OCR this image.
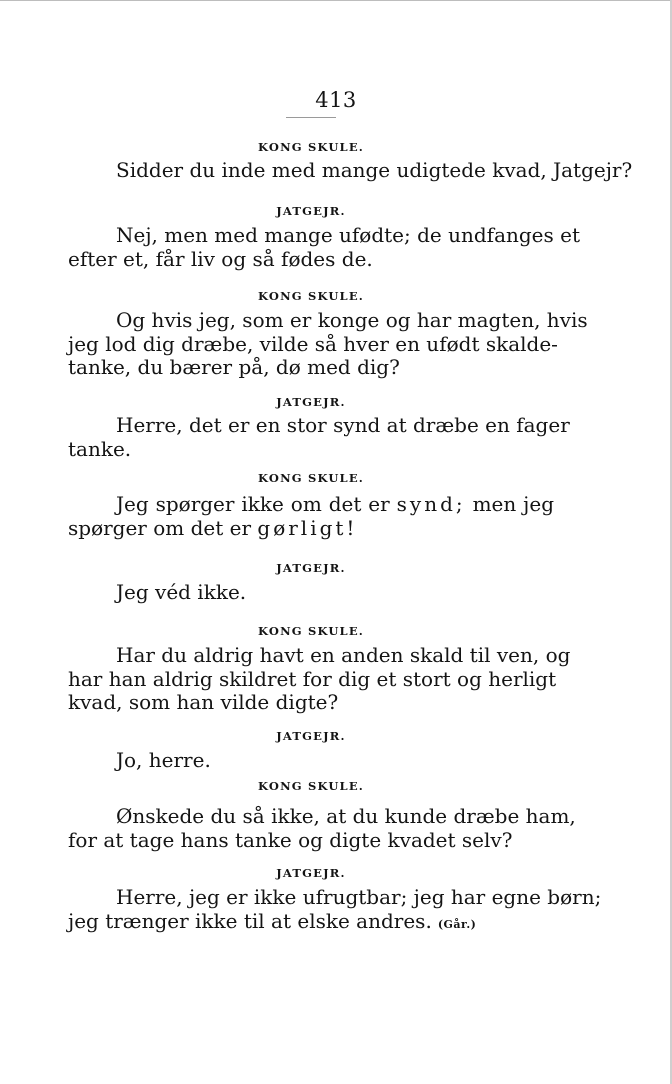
413
KONG SKULE.
Sidder du inde med mange udigtede kvad, Jatgejr?
JATGEJR.
Nej, men med mange ufødte; de undfanges et
efter et, får liv og så fødes de.
KONG SKULE.
Og hvis jeg, som er konge og har magten, hvis
jeg lod dig dræbe, vilde så hver en ufødt skalde-
tanke, du bærer på, dø med dig?
JATGEJR.
Herre, det er en stor synd at dræbe en fager
tanke.
KONG SKULE.
Jeg spørger ikke om det er synd; men jeg
spørger om det er gørligt!
JATGEJR.
Jeg véd ikke.
KONG SKULE.
Har du aldrig havt en anden skald til ven, og
har han aldrig skildret for dig et stort og herligt
kvad, som han vilde digte?
JATGEJR.
Jo, herre.
KONG SKULE.
Ønskede du så ikke, at du kunde dræbe ham,
for at tage hans tanke og digte kvadet selv?
JATGEJR.
Herre, jeg er ikke ufrugtbar; jeg har egne børn;
jeg trænger ikke til at elske andres. (Går.)
